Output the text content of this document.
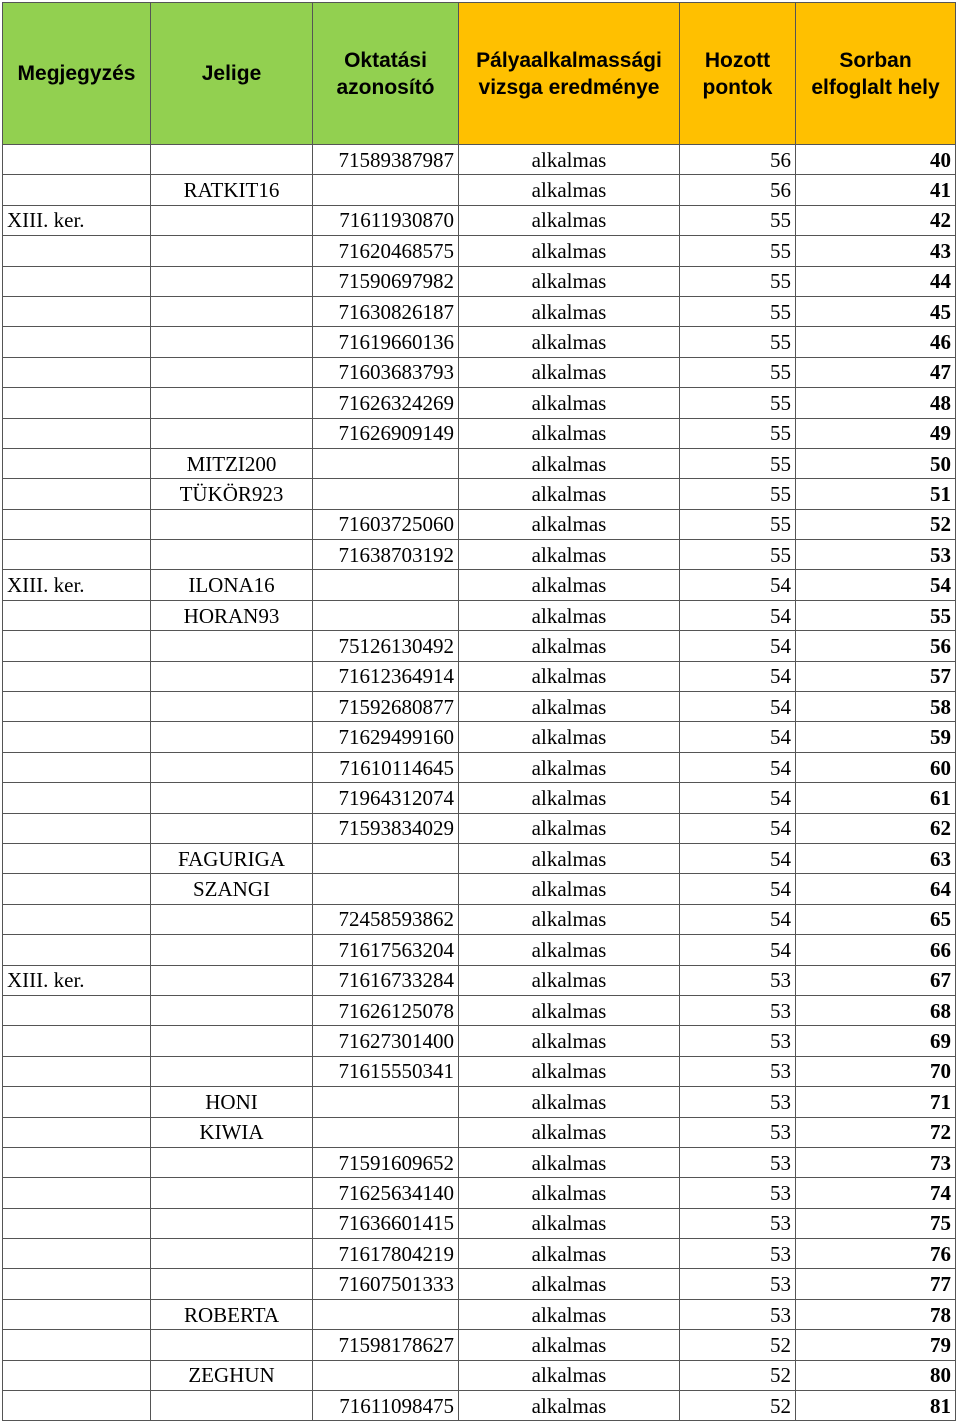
Megjegyzés	Jelige	Oktatási azonosító	Pályaalkalmassági vizsga eredménye	Hozott pontok	Sorban elfoglalt hely
		71589387987	alkalmas	56	40
	RATKIT16		alkalmas	56	41
XIII. ker.		71611930870	alkalmas	55	42
		71620468575	alkalmas	55	43
		71590697982	alkalmas	55	44
		71630826187	alkalmas	55	45
		71619660136	alkalmas	55	46
		71603683793	alkalmas	55	47
		71626324269	alkalmas	55	48
		71626909149	alkalmas	55	49
	MITZI200		alkalmas	55	50
	TÜKÖR923		alkalmas	55	51
		71603725060	alkalmas	55	52
		71638703192	alkalmas	55	53
XIII. ker.	ILONA16		alkalmas	54	54
	HORAN93		alkalmas	54	55
		75126130492	alkalmas	54	56
		71612364914	alkalmas	54	57
		71592680877	alkalmas	54	58
		71629499160	alkalmas	54	59
		71610114645	alkalmas	54	60
		71964312074	alkalmas	54	61
		71593834029	alkalmas	54	62
	FAGURIGA		alkalmas	54	63
	SZANGI		alkalmas	54	64
		72458593862	alkalmas	54	65
		71617563204	alkalmas	54	66
XIII. ker.		71616733284	alkalmas	53	67
		71626125078	alkalmas	53	68
		71627301400	alkalmas	53	69
		71615550341	alkalmas	53	70
	HONI		alkalmas	53	71
	KIWIA		alkalmas	53	72
		71591609652	alkalmas	53	73
		71625634140	alkalmas	53	74
		71636601415	alkalmas	53	75
		71617804219	alkalmas	53	76
		71607501333	alkalmas	53	77
	ROBERTA		alkalmas	53	78
		71598178627	alkalmas	52	79
	ZEGHUN		alkalmas	52	80
		71611098475	alkalmas	52	81
